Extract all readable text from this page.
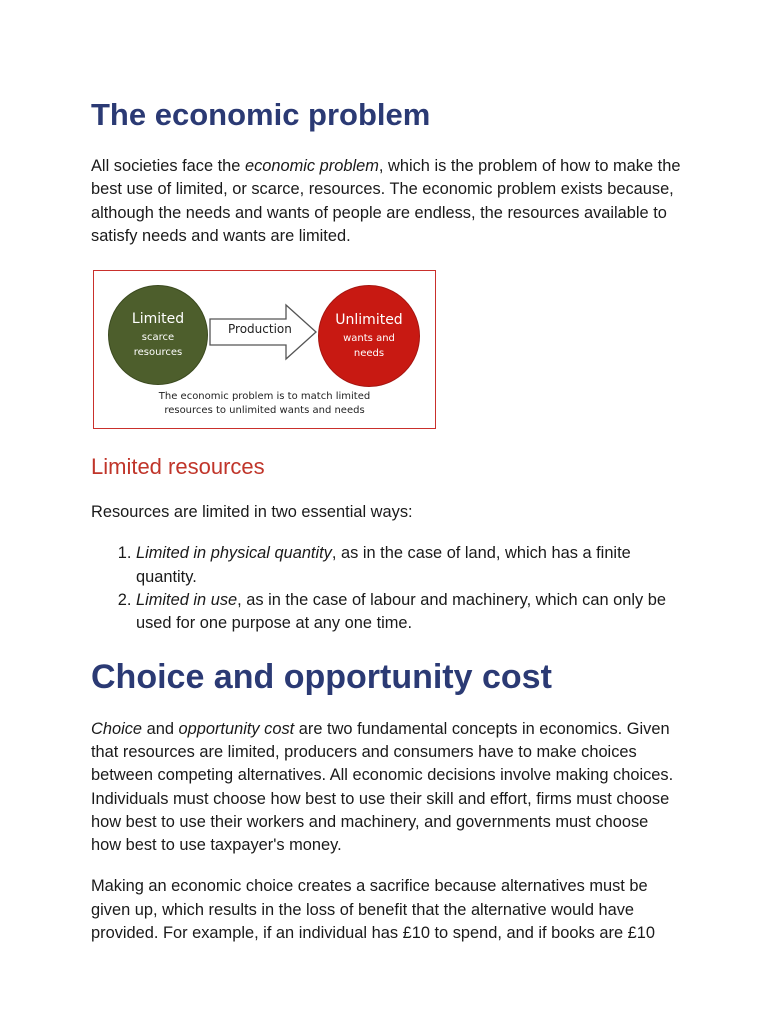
The economic problem

All societies face the economic problem, which is the problem of how to make the best use of limited, or scarce, resources. The economic problem exists because, although the needs and wants of people are endless, the resources available to satisfy needs and wants are limited.

Limited
scarce
resources
Production
Unlimited
wants and
needs
The economic problem is to match limited
resources to unlimited wants and needs
Limited resources

Resources are limited in two essential ways:

1. Limited in physical quantity, as in the case of land, which has a finite quantity.
2. Limited in use, as in the case of labour and machinery, which can only be used for one purpose at any one time.
Choice and opportunity cost

Choice and opportunity cost are two fundamental concepts in economics. Given that resources are limited, producers and consumers have to make choices between competing alternatives. All economic decisions involve making choices. Individuals must choose how best to use their skill and effort, firms must choose how best to use their workers and machinery, and governments must choose how best to use taxpayer's money.

Making an economic choice creates a sacrifice because alternatives must be given up, which results in the loss of benefit that the alternative would have provided. For example, if an individual has £10 to spend, and if books are £10
